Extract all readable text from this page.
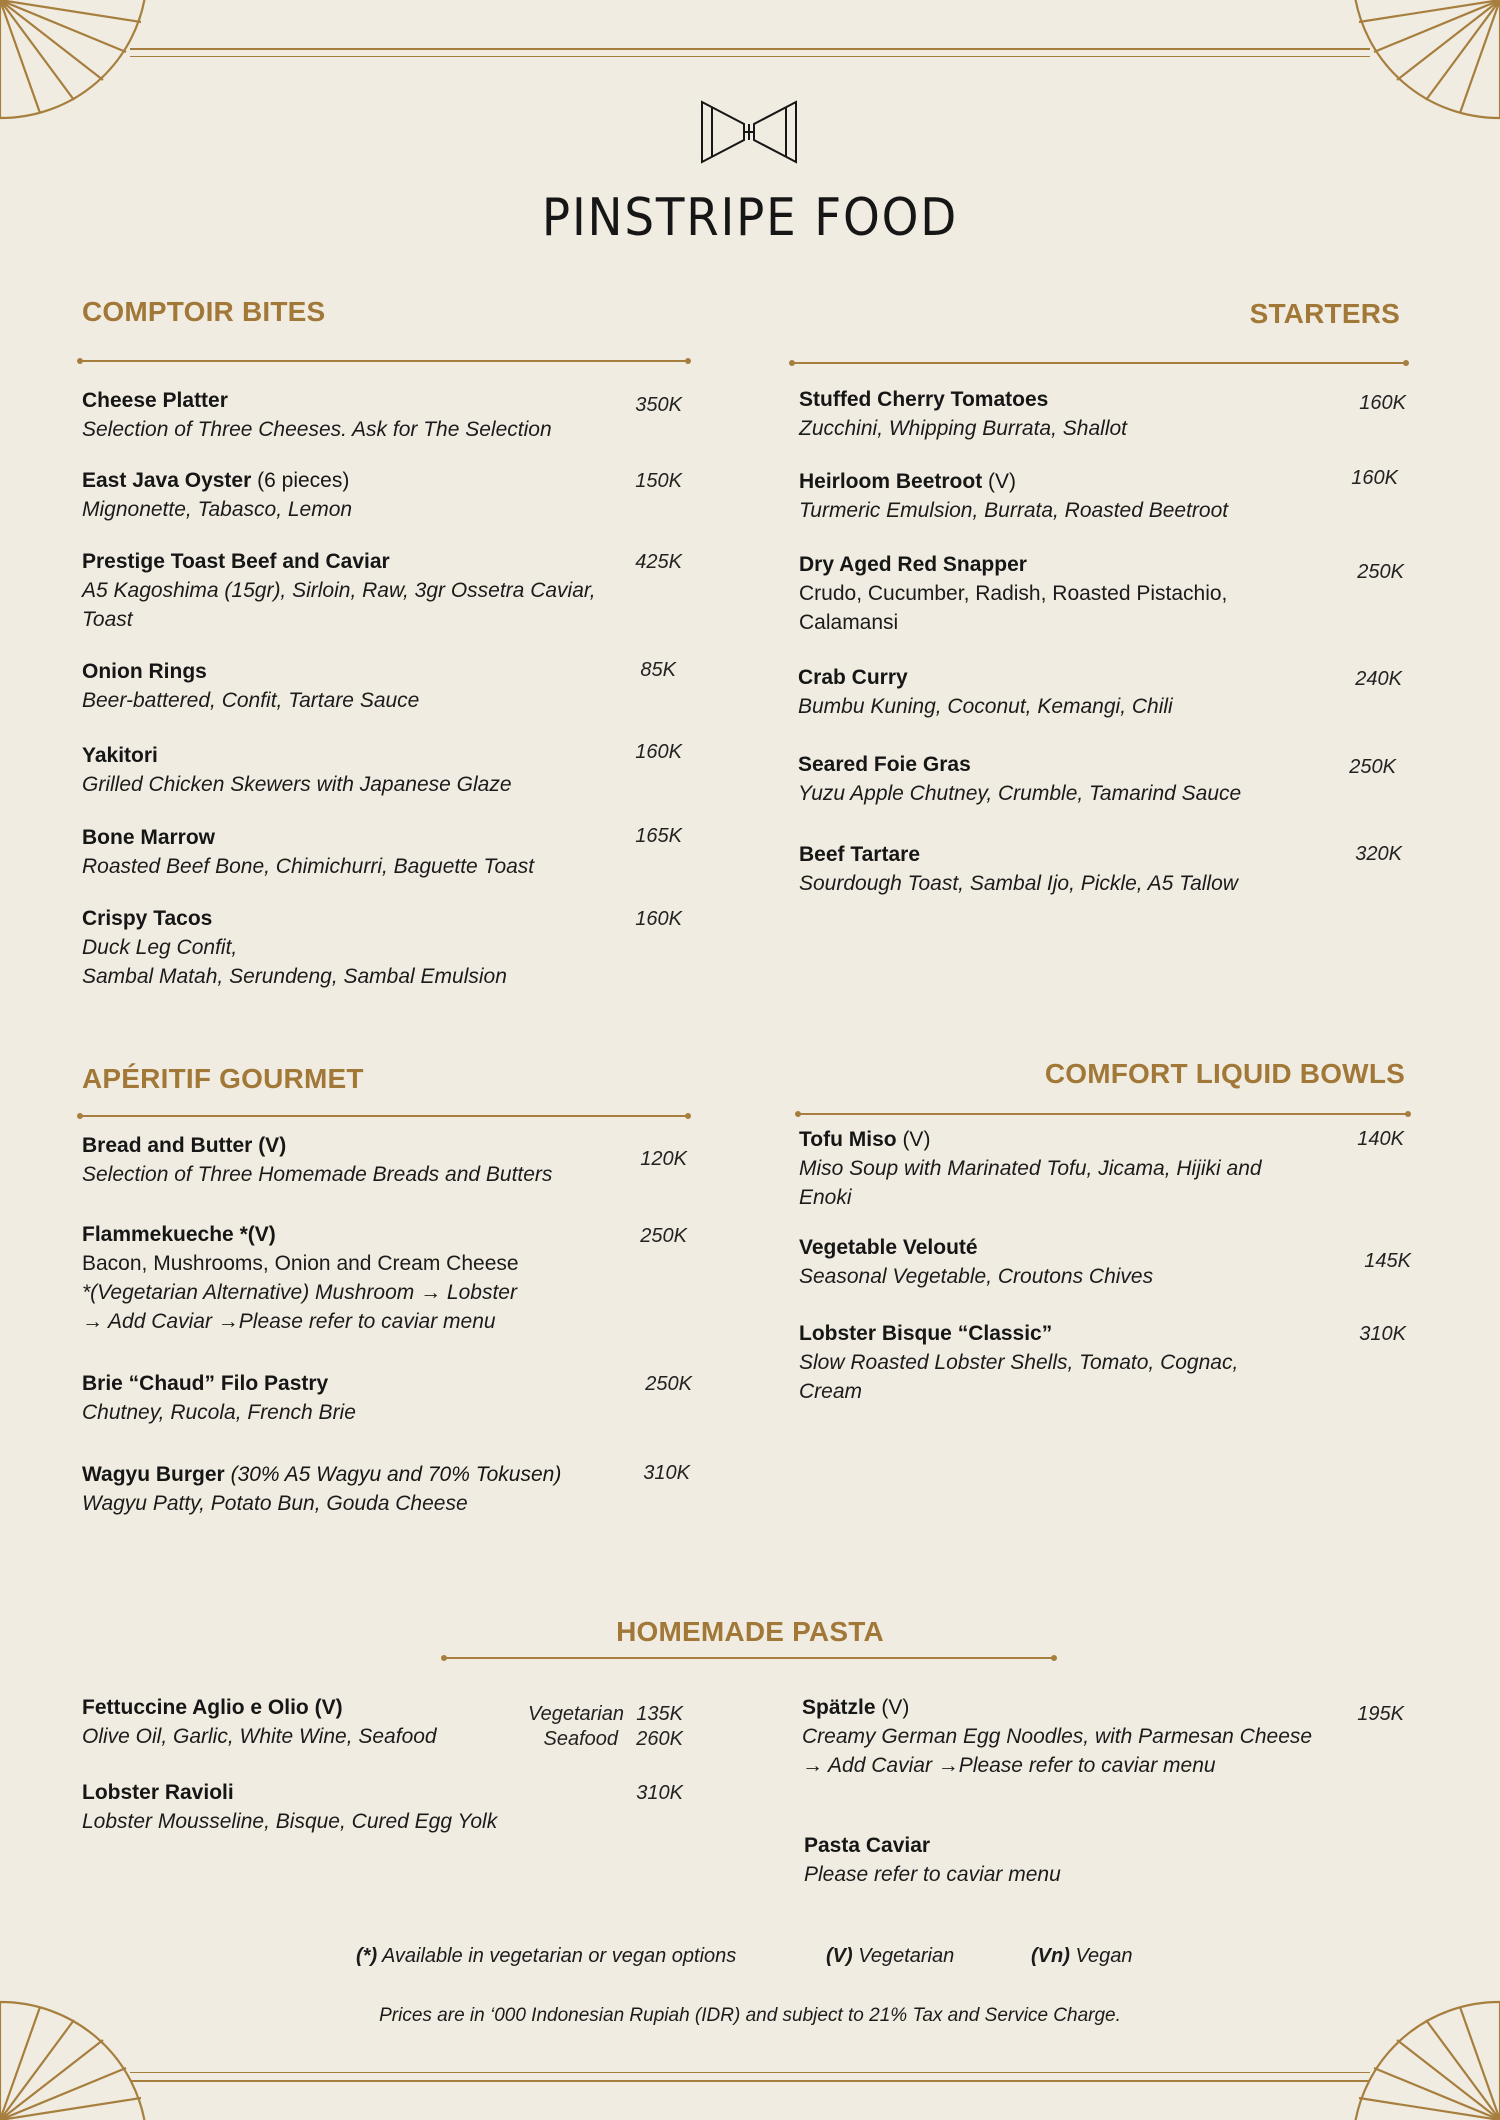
PINSTRIPE FOOD
COMPTOIR BITES
Cheese Platter
Selection of Three Cheeses. Ask for The Selection
350K
East Java Oyster (6 pieces)
Mignonette, Tabasco, Lemon
150K
Prestige Toast Beef and Caviar
A5 Kagoshima (15gr), Sirloin, Raw, 3gr Ossetra Caviar, Toast
425K
Onion Rings
Beer-battered, Confit, Tartare Sauce
85K
Yakitori
Grilled Chicken Skewers with Japanese Glaze
160K
Bone Marrow
Roasted Beef Bone, Chimichurri, Baguette Toast
165K
Crispy Tacos
Duck Leg Confit,
Sambal Matah, Serundeng, Sambal Emulsion
160K
STARTERS
Stuffed Cherry Tomatoes
Zucchini, Whipping Burrata, Shallot
160K
Heirloom Beetroot (V)
Turmeric Emulsion, Burrata, Roasted Beetroot
160K
Dry Aged Red Snapper
Crudo, Cucumber, Radish, Roasted Pistachio, Calamansi
250K
Crab Curry
Bumbu Kuning, Coconut, Kemangi, Chili
240K
Seared Foie Gras
Yuzu Apple Chutney, Crumble, Tamarind Sauce
250K
Beef Tartare
Sourdough Toast, Sambal Ijo, Pickle, A5 Tallow
320K
APÉRITIF GOURMET
Bread and Butter (V)
Selection of Three Homemade Breads and Butters
120K
Flammekueche *(V)
Bacon, Mushrooms, Onion and Cream Cheese
*(Vegetarian Alternative) Mushroom → Lobster
→ Add Caviar →Please refer to caviar menu
250K
Brie “Chaud” Filo Pastry
Chutney, Rucola, French Brie
250K
Wagyu Burger (30% A5 Wagyu and 70% Tokusen)
Wagyu Patty, Potato Bun, Gouda Cheese
310K
COMFORT LIQUID BOWLS
Tofu Miso (V)
Miso Soup with Marinated Tofu, Jicama, Hijiki and Enoki
140K
Vegetable Velouté
Seasonal Vegetable, Croutons Chives
145K
Lobster Bisque “Classic”
Slow Roasted Lobster Shells, Tomato, Cognac, Cream
310K
HOMEMADE PASTA
Fettuccine Aglio e Olio (V)
Olive Oil, Garlic, White Wine, Seafood
Vegetarian 135K
Seafood 260K
Lobster Ravioli
Lobster Mousseline, Bisque, Cured Egg Yolk
310K
Spätzle (V)
Creamy German Egg Noodles, with Parmesan Cheese
→ Add Caviar →Please refer to caviar menu
195K
Pasta Caviar
Please refer to caviar menu
(*) Available in vegetarian or vegan options	(V) Vegetarian	(Vn) Vegan
Prices are in ‘000 Indonesian Rupiah (IDR) and subject to 21% Tax and Service Charge.
